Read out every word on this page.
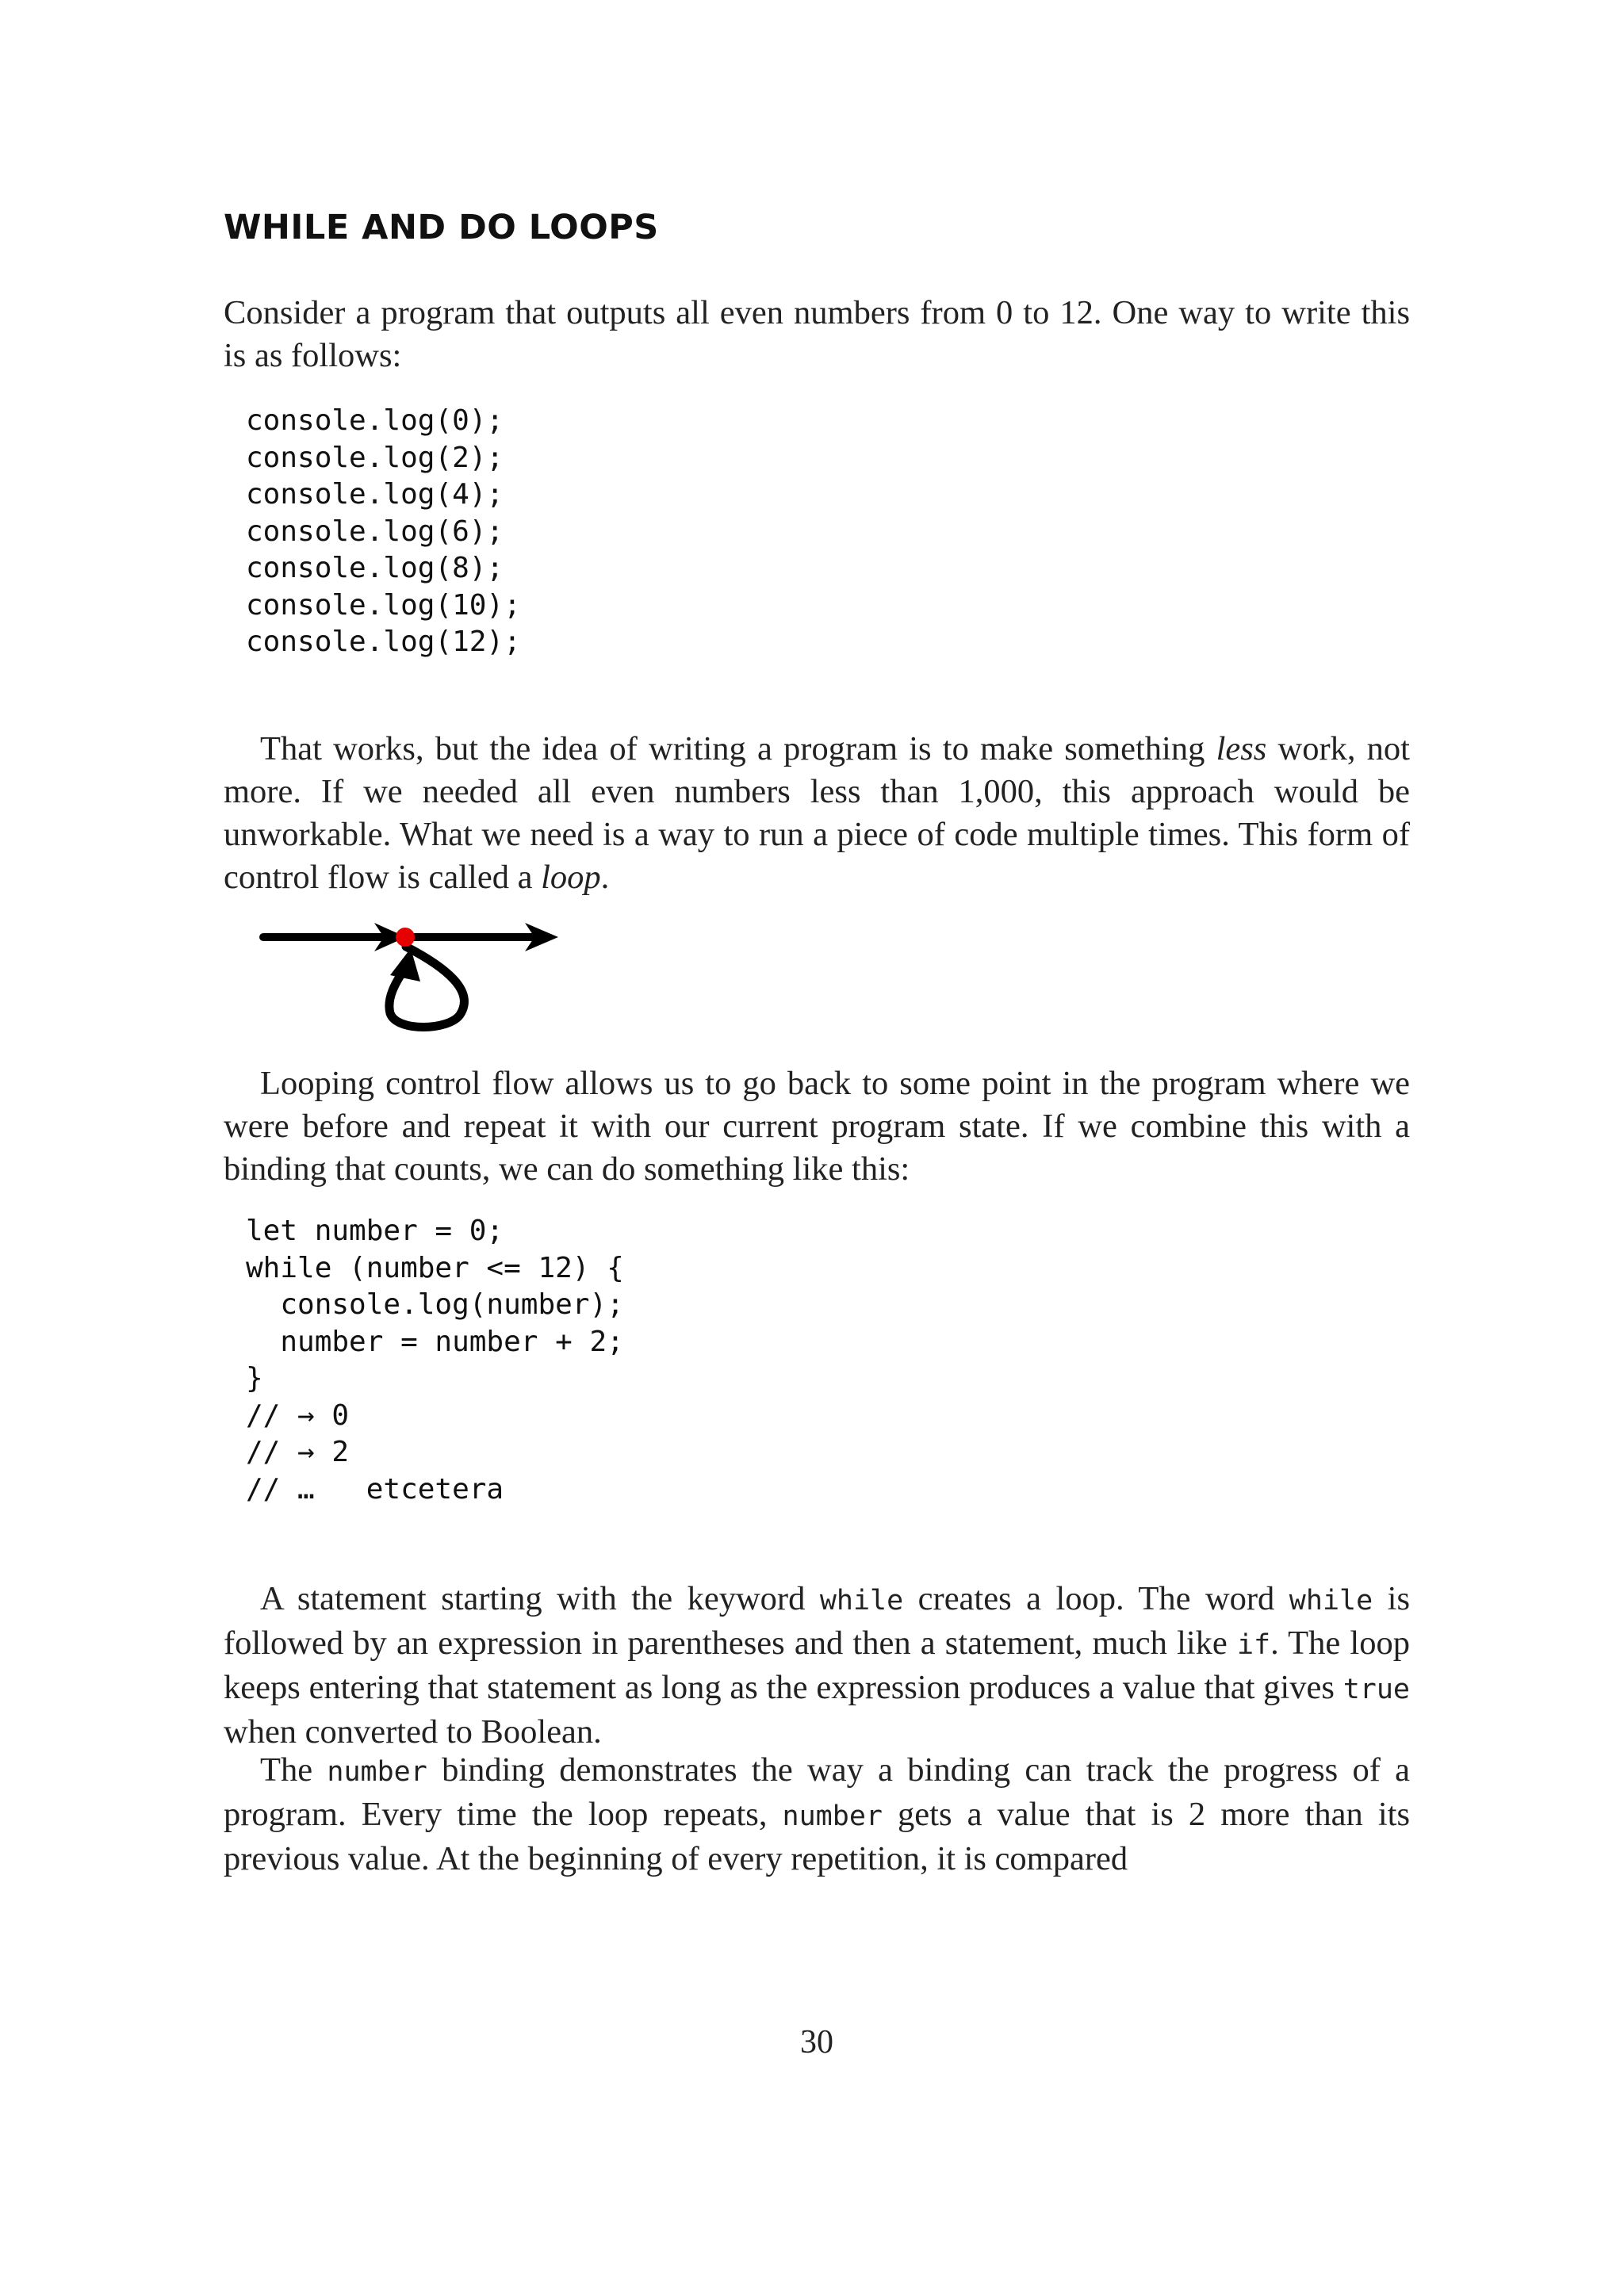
WHILE AND DO LOOPS

Consider a program that outputs all even numbers from 0 to 12. One way to write this is as follows:

console.log(0);
console.log(2);
console.log(4);
console.log(6);
console.log(8);
console.log(10);
console.log(12);

That works, but the idea of writing a program is to make something less work, not more. If we needed all even numbers less than 1,000, this approach would be unworkable. What we need is a way to run a piece of code multiple times. This form of control flow is called a loop.

Looping control flow allows us to go back to some point in the program where we were before and repeat it with our current program state. If we combine this with a binding that counts, we can do something like this:

let number = 0;
while (number <= 12) {
console.log(number);
number = number + 2;
}
// → 0
// → 2
// …   etcetera

A statement starting with the keyword while creates a loop. The word while is followed by an expression in parentheses and then a statement, much like if. The loop keeps entering that statement as long as the expression produces a value that gives true when converted to Boolean.

The number binding demonstrates the way a binding can track the progress of a program. Every time the loop repeats, number gets a value that is 2 more than its previous value. At the beginning of every repetition, it is compared

30
